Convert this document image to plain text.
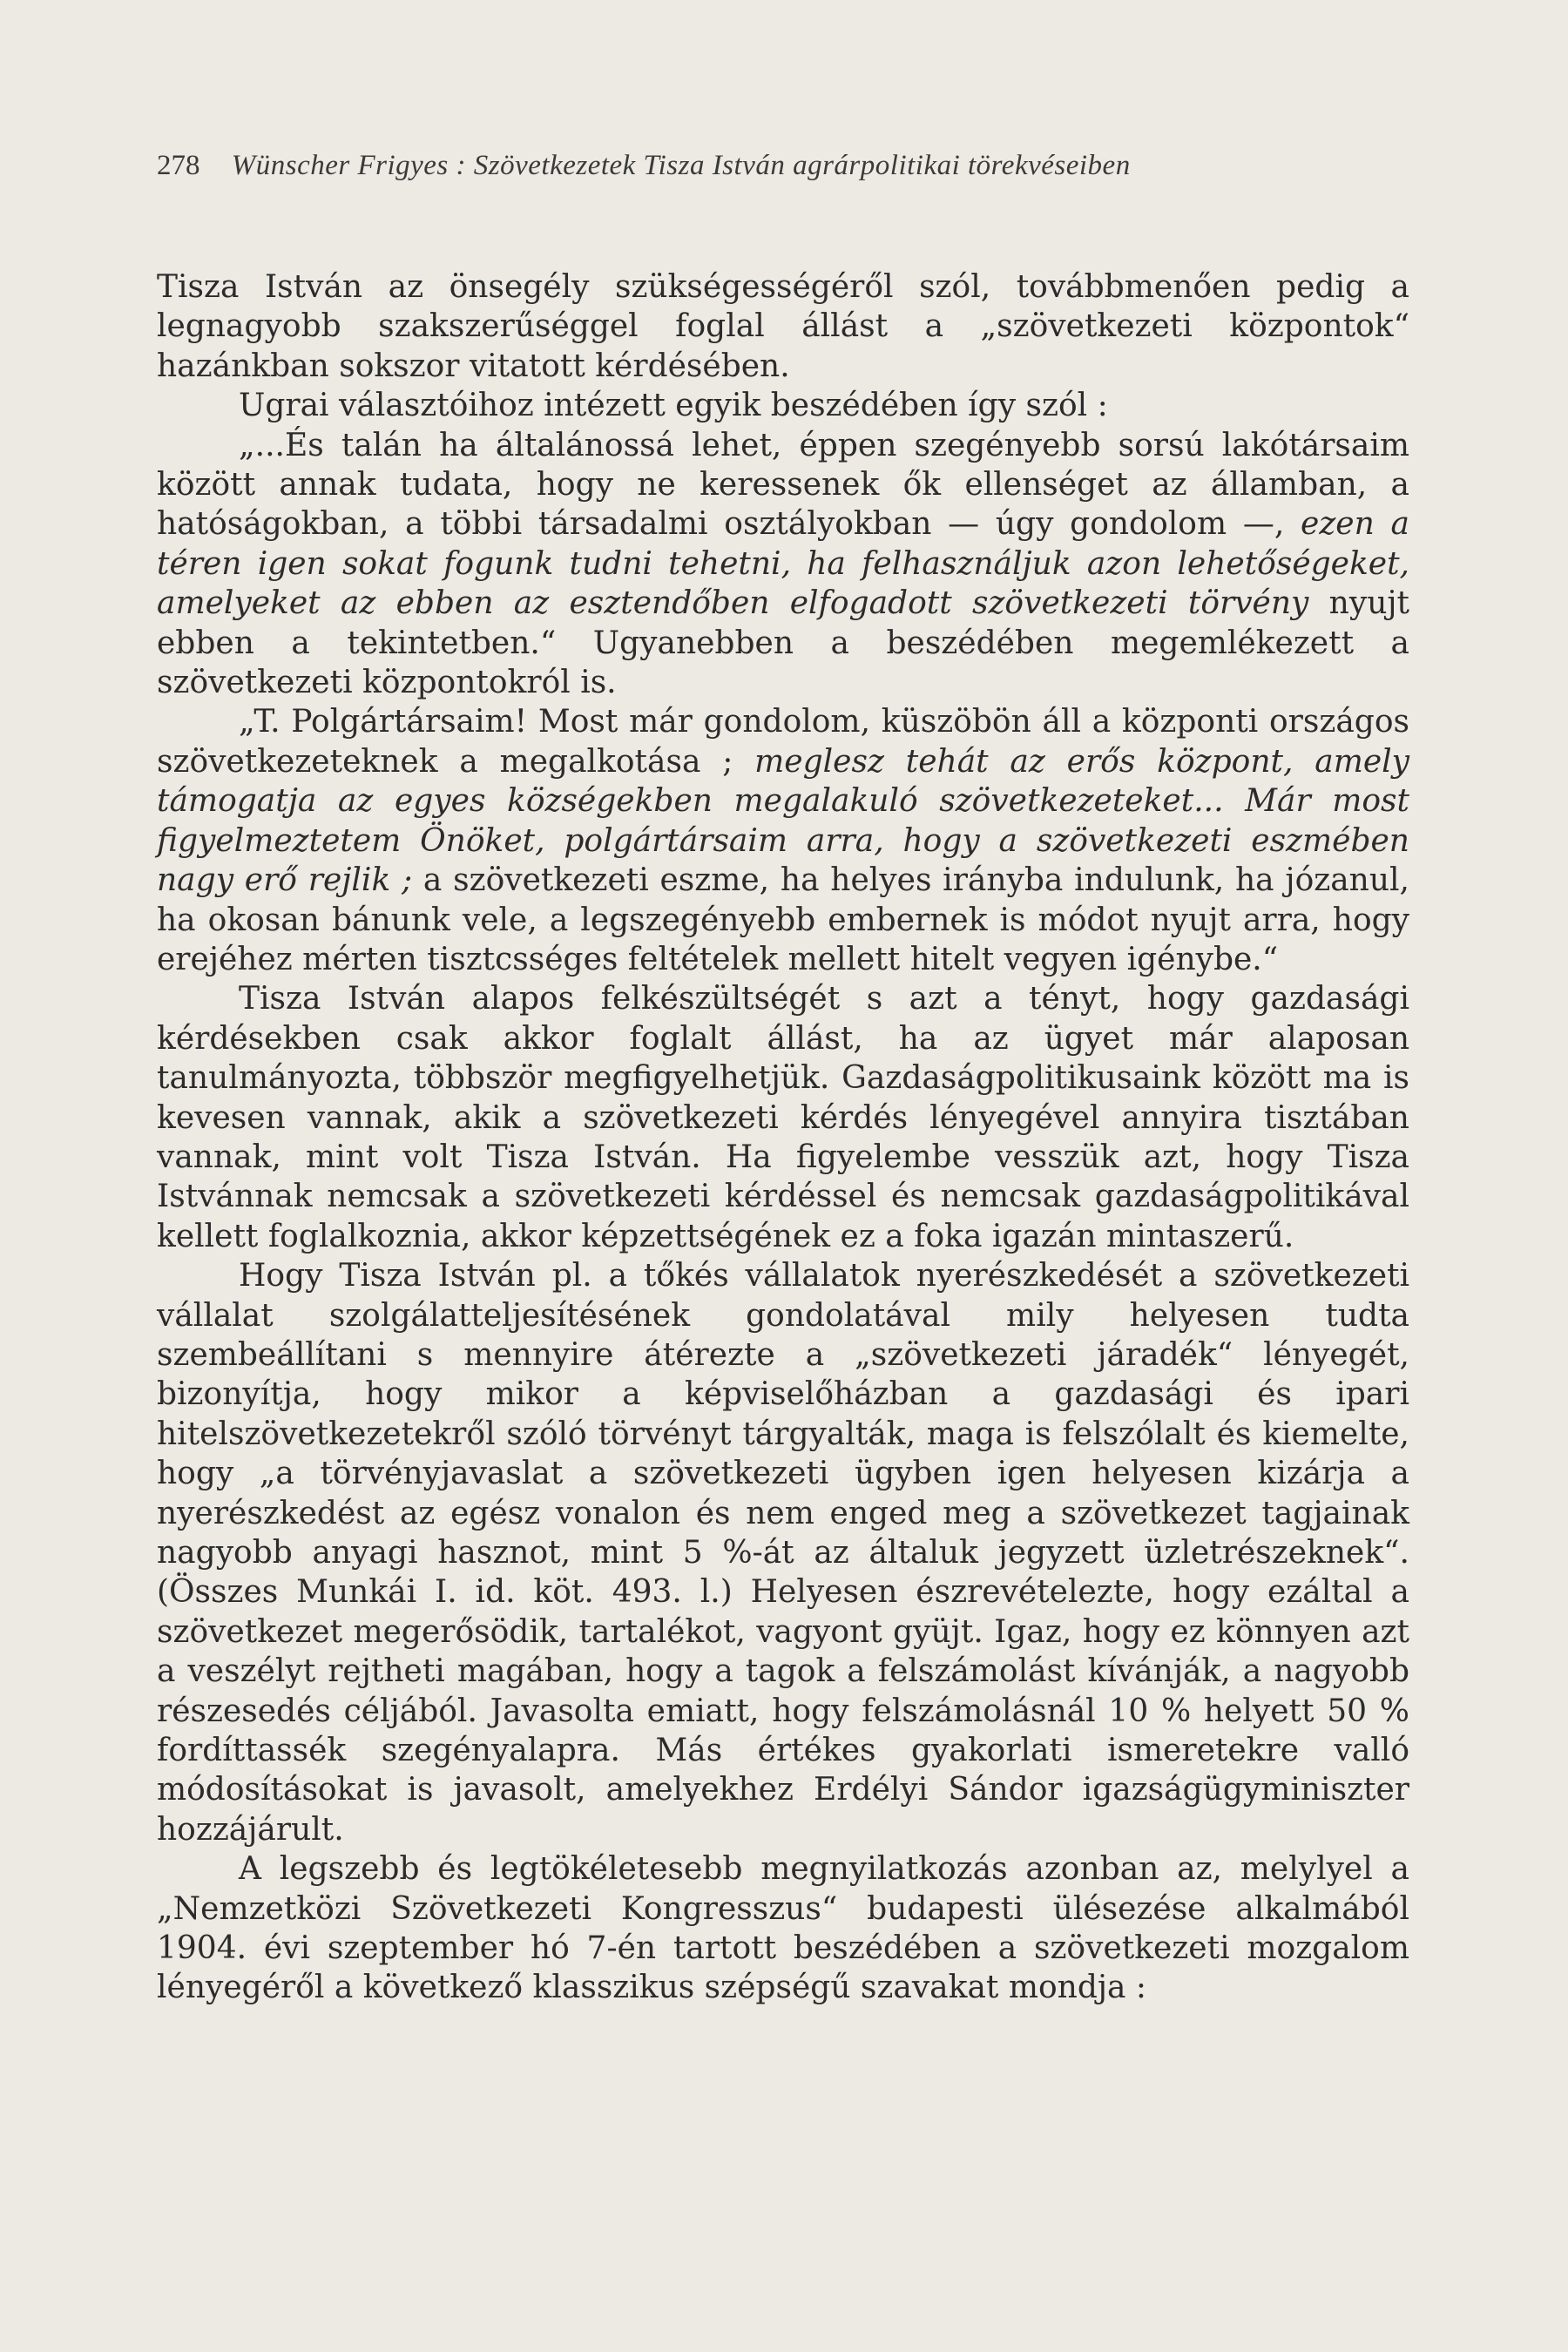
278 Wünscher Frigyes : Szövetkezetek Tisza István agrárpolitikai törekvéseiben

Tisza István az önsegély szükségességéről szól, továbbmenően pedig a legnagyobb szakszerűséggel foglal állást a „szövetkezeti központok“ hazánkban sokszor vitatott kérdésében.

Ugrai választóihoz intézett egyik beszédében így szól :

„...És talán ha általánossá lehet, éppen szegényebb sorsú lakótársaim között annak tudata, hogy ne keressenek ők ellenséget az államban, a hatóságokban, a többi társadalmi osztályokban — úgy gondolom —, ezen a téren igen sokat fogunk tudni tehetni, ha felhasználjuk azon lehetőségeket, amelyeket az ebben az esztendőben elfogadott szövetkezeti törvény nyujt ebben a tekintetben.“ Ugyanebben a beszédében megemlékezett a szövetkezeti központokról is.

„T. Polgártársaim! Most már gondolom, küszöbön áll a központi országos szövetkezeteknek a megalkotása ; meglesz tehát az erős központ, amely támogatja az egyes községekben megalakuló szövetkezeteket... Már most figyelmeztetem Önöket, polgártársaim arra, hogy a szövetkezeti eszmében nagy erő rejlik ; a szövetkezeti eszme, ha helyes irányba indulunk, ha józanul, ha okosan bánunk vele, a legszegényebb embernek is módot nyujt arra, hogy erejéhez mérten tisztcsséges feltételek mellett hitelt vegyen igénybe.“

Tisza István alapos felkészültségét s azt a tényt, hogy gazdasági kérdésekben csak akkor foglalt állást, ha az ügyet már alaposan tanulmányozta, többször megfigyelhetjük. Gazdaságpolitikusaink között ma is kevesen vannak, akik a szövetkezeti kérdés lényegével annyira tisztában vannak, mint volt Tisza István. Ha figyelembe vesszük azt, hogy Tisza Istvánnak nemcsak a szövetkezeti kérdéssel és nemcsak gazdaságpolitikával kellett foglalkoznia, akkor képzettségének ez a foka igazán mintaszerű.

Hogy Tisza István pl. a tőkés vállalatok nyerészkedését a szövetkezeti vállalat szolgálatteljesítésének gondolatával mily helyesen tudta szembeállítani s mennyire átérezte a „szövetkezeti járadék“ lényegét, bizonyítja, hogy mikor a képviselőházban a gazdasági és ipari hitelszövetkezetekről szóló törvényt tárgyalták, maga is felszólalt és kiemelte, hogy „a törvényjavaslat a szövetkezeti ügyben igen helyesen kizárja a nyerészkedést az egész vonalon és nem enged meg a szövetkezet tagjainak nagyobb anyagi hasznot, mint 5 %-át az általuk jegyzett üzletrészeknek“. (Összes Munkái I. id. köt. 493. l.) Helyesen észrevételezte, hogy ezáltal a szövetkezet megerősödik, tartalékot, vagyont gyüjt. Igaz, hogy ez könnyen azt a veszélyt rejtheti magában, hogy a tagok a felszámolást kívánják, a nagyobb részesedés céljából. Javasolta emiatt, hogy felszámolásnál 10 % helyett 50 % fordíttassék szegényalapra. Más értékes gyakorlati ismeretekre valló módosításokat is javasolt, amelyekhez Erdélyi Sándor igazságügyminiszter hozzájárult.

A legszebb és legtökéletesebb megnyilatkozás azonban az, melylyel a „Nemzetközi Szövetkezeti Kongresszus“ budapesti ülésezése alkalmából 1904. évi szeptember hó 7-én tartott beszédében a szövetkezeti mozgalom lényegéről a következő klasszikus szépségű szavakat mondja :
